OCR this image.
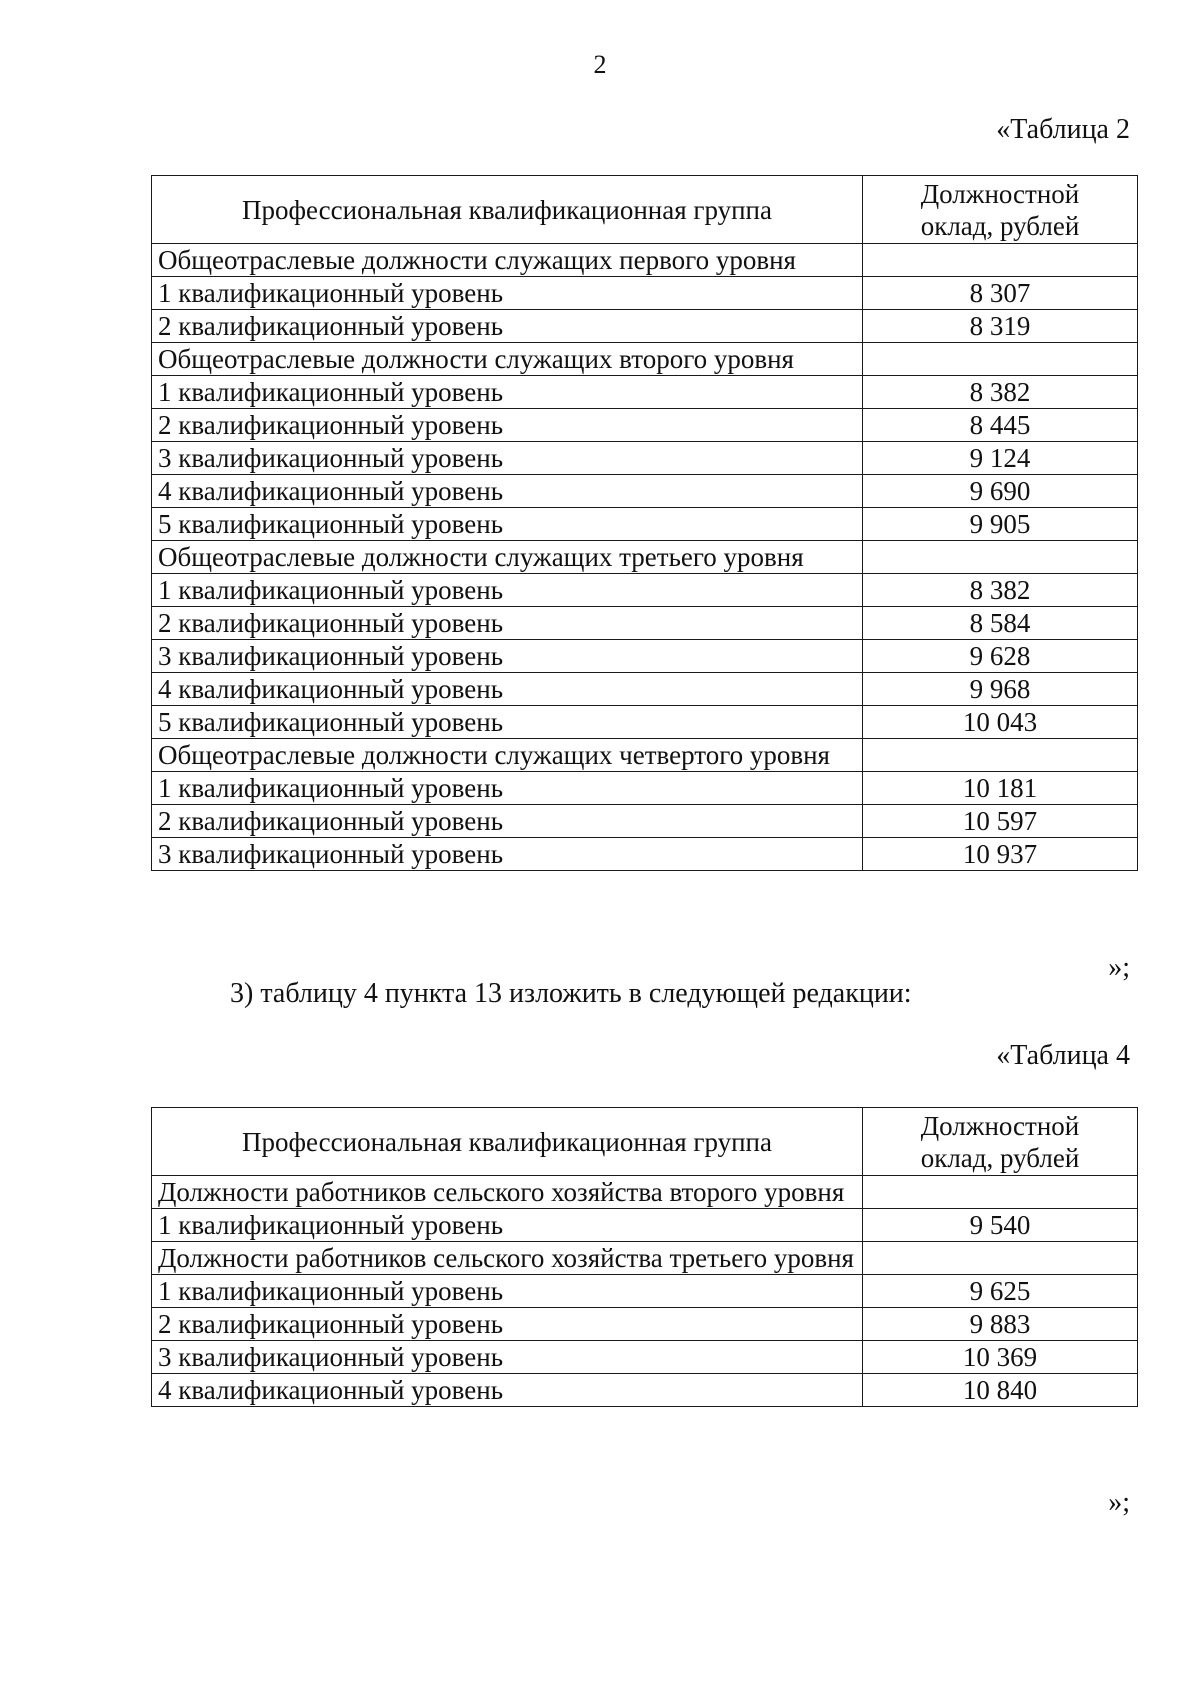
2
«Таблица 2
Профессиональная квалификационная группа	Должностной оклад, рублей
Общеотраслевые должности служащих первого уровня	
1 квалификационный уровень	8 307
2 квалификационный уровень	8 319
Общеотраслевые должности служащих второго уровня	
1 квалификационный уровень	8 382
2 квалификационный уровень	8 445
3 квалификационный уровень	9 124
4 квалификационный уровень	9 690
5 квалификационный уровень	9 905
Общеотраслевые должности служащих третьего уровня	
1 квалификационный уровень	8 382
2 квалификационный уровень	8 584
3 квалификационный уровень	9 628
4 квалификационный уровень	9 968
5 квалификационный уровень	10 043
Общеотраслевые должности служащих четвертого уровня	
1 квалификационный уровень	10 181
2 квалификационный уровень	10 597
3 квалификационный уровень	10 937
»;
3) таблицу 4 пункта 13 изложить в следующей редакции:
«Таблица 4
Профессиональная квалификационная группа	Должностной оклад, рублей
Должности работников сельского хозяйства второго уровня	
1 квалификационный уровень	9 540
Должности работников сельского хозяйства третьего уровня	
1 квалификационный уровень	9 625
2 квалификационный уровень	9 883
3 квалификационный уровень	10 369
4 квалификационный уровень	10 840
»;
